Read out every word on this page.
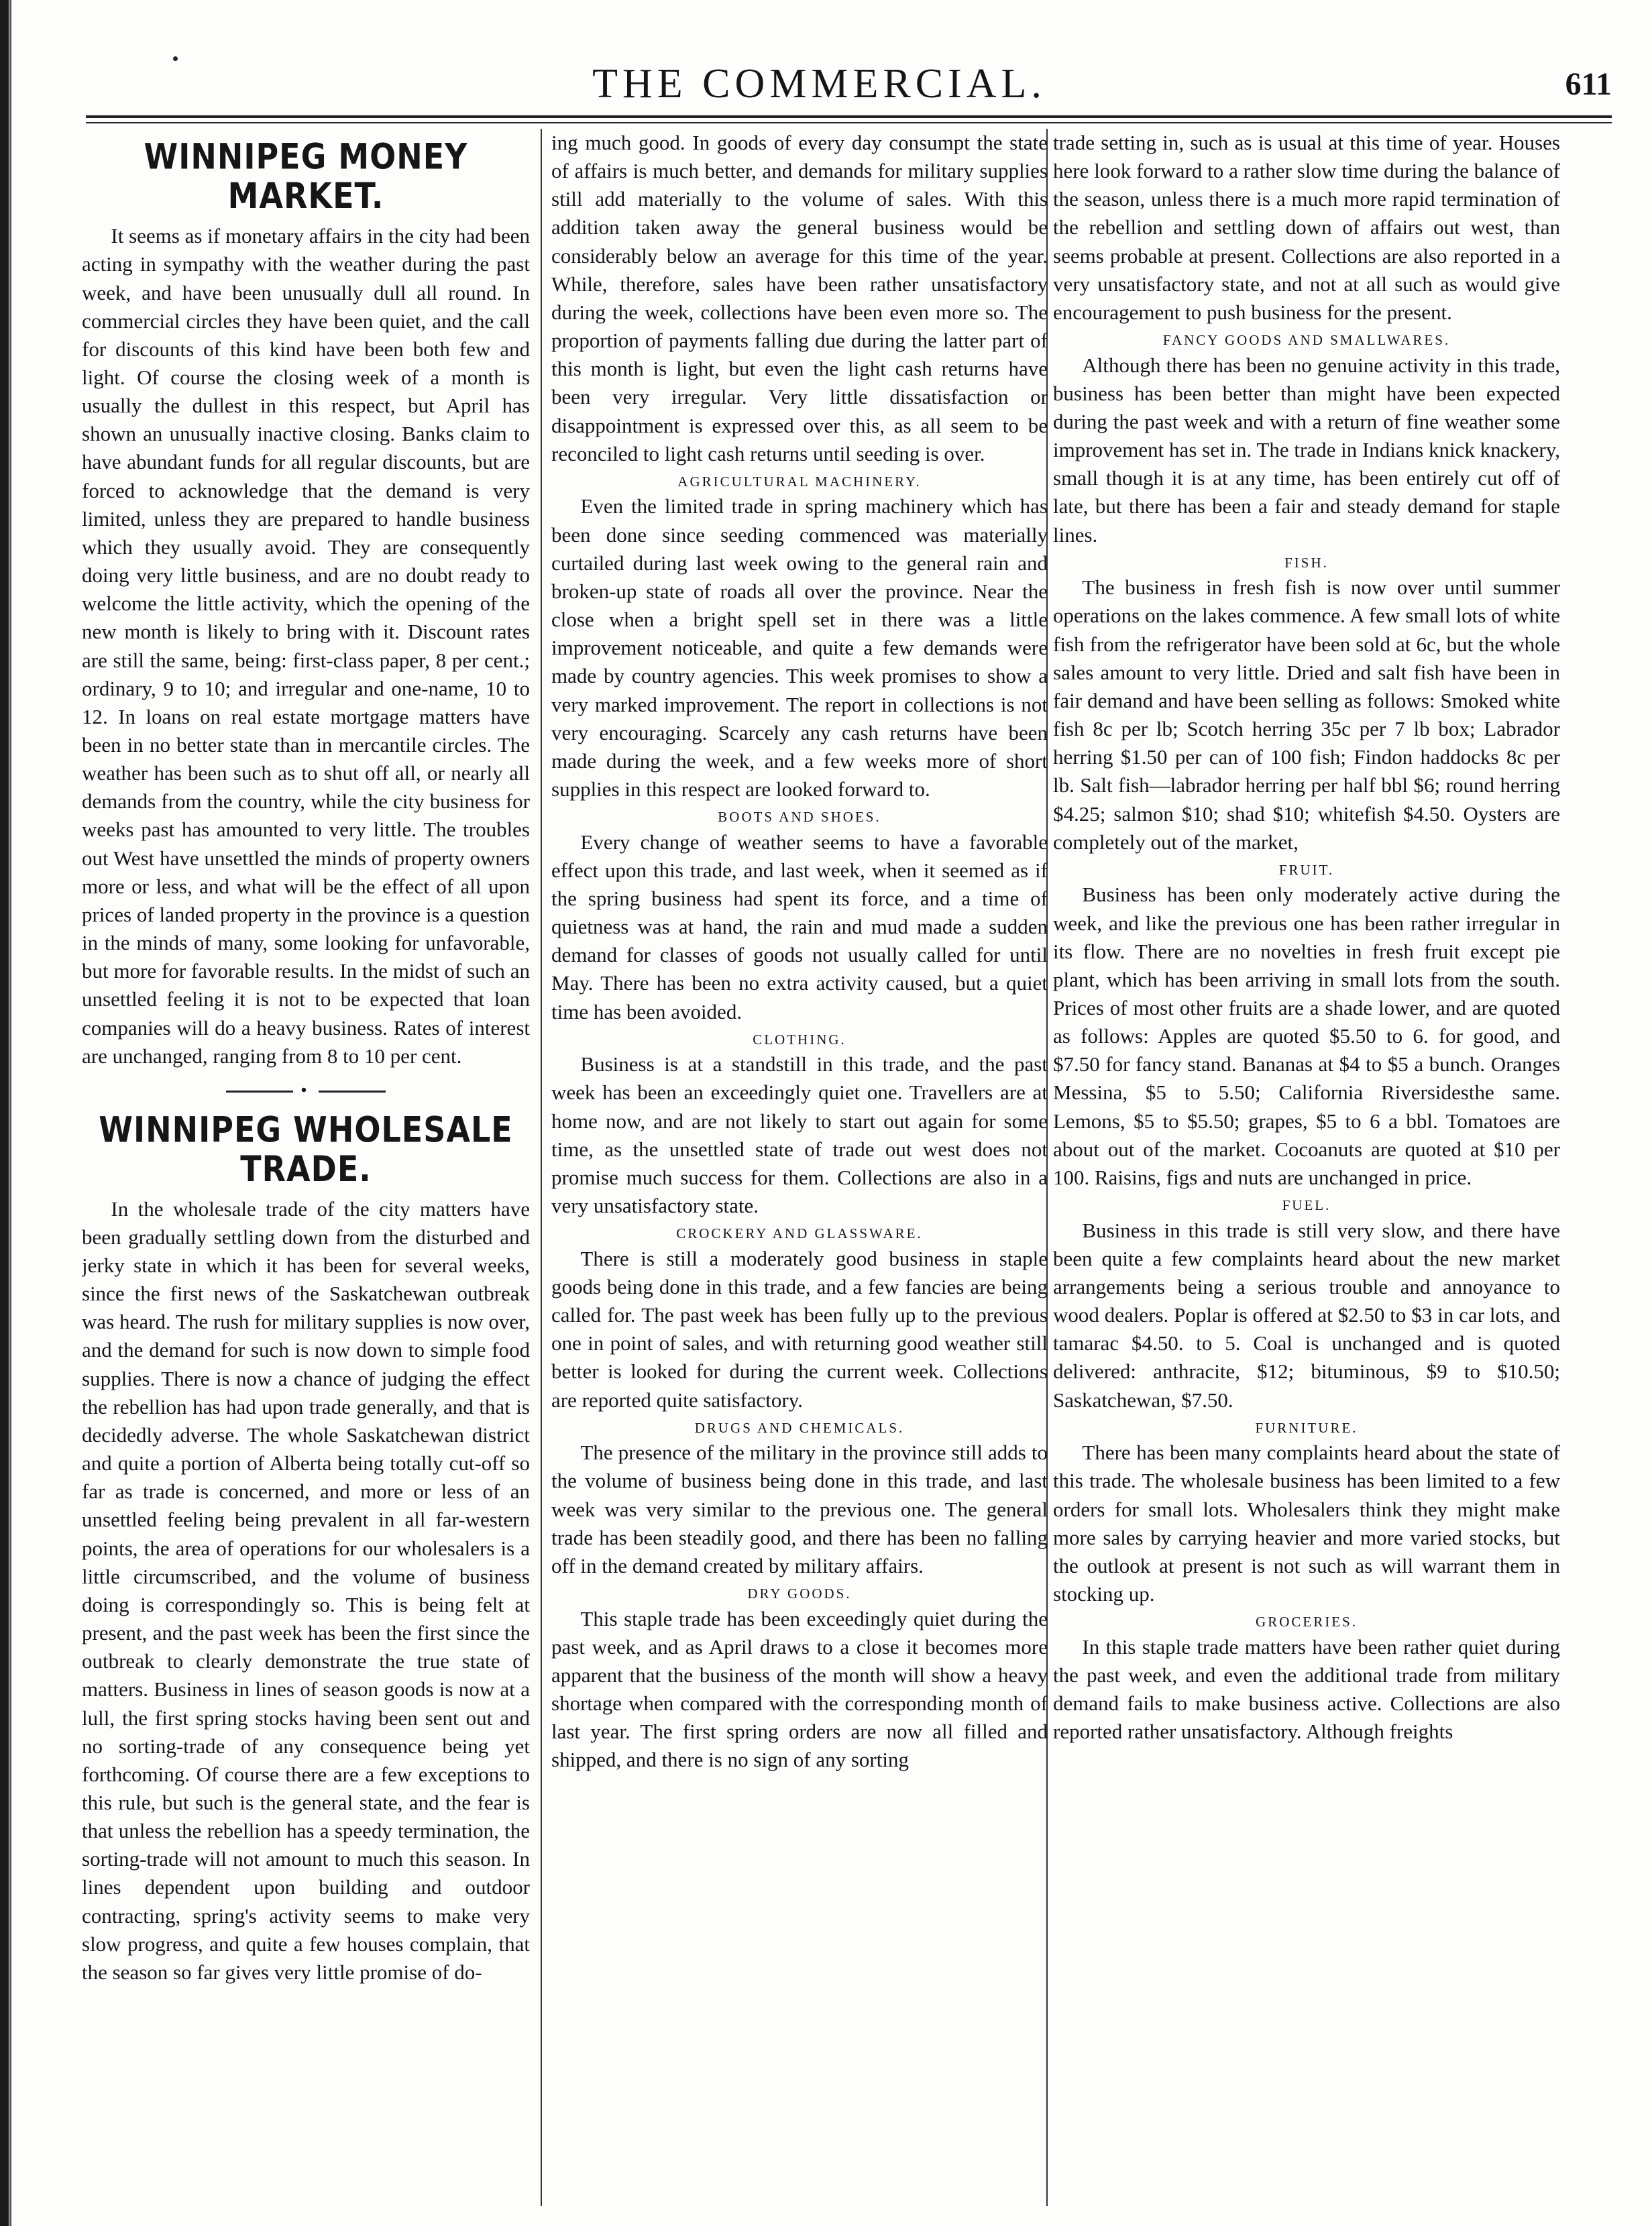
THE COMMERCIAL.	611
WINNIPEG MONEY MARKET.

It seems as if monetary affairs in the city had been acting in sympathy with the weather during the past week, and have been unusually dull all round. In commercial circles they have been quiet, and the call for discounts of this kind have been both few and light. Of course the closing week of a month is usually the dullest in this respect, but April has shown an unusually inactive closing. Banks claim to have abundant funds for all regular discounts, but are forced to acknowledge that the demand is very limited, unless they are prepared to handle business which they usually avoid. They are consequently doing very little business, and are no doubt ready to welcome the little activity, which the opening of the new month is likely to bring with it. Discount rates are still the same, being: first-class paper, 8 per cent.; ordinary, 9 to 10; and irregular and one-name, 10 to 12. In loans on real estate mortgage matters have been in no better state than in mercantile circles. The weather has been such as to shut off all, or nearly all demands from the country, while the city business for weeks past has amounted to very little. The troubles out West have unsettled the minds of property owners more or less, and what will be the effect of all upon prices of landed property in the province is a question in the minds of many, some looking for unfavorable, but more for favorable results. In the midst of such an unsettled feeling it is not to be expected that loan companies will do a heavy business. Rates of interest are unchanged, ranging from 8 to 10 per cent.

•
WINNIPEG WHOLESALE TRADE.

In the wholesale trade of the city matters have been gradually settling down from the disturbed and jerky state in which it has been for several weeks, since the first news of the Saskatchewan outbreak was heard. The rush for military supplies is now over, and the demand for such is now down to simple food supplies. There is now a chance of judging the effect the rebellion has had upon trade generally, and that is decidedly adverse. The whole Saskatchewan district and quite a portion of Alberta being totally cut-off so far as trade is concerned, and more or less of an unsettled feeling being prevalent in all far-western points, the area of operations for our wholesalers is a little circumscribed, and the volume of business doing is correspondingly so. This is being felt at present, and the past week has been the first since the outbreak to clearly demonstrate the true state of matters. Business in lines of season goods is now at a lull, the first spring stocks having been sent out and no sorting-trade of any consequence being yet forthcoming. Of course there are a few exceptions to this rule, but such is the general state, and the fear is that unless the rebellion has a speedy termination, the sorting-trade will not amount to much this season. In lines dependent upon building and outdoor contracting, spring's activity seems to make very slow progress, and quite a few houses complain, that the season so far gives very little promise of do-

ing much good. In goods of every day consumpt the state of affairs is much better, and demands for military supplies still add materially to the volume of sales. With this addition taken away the general business would be considerably below an average for this time of the year. While, therefore, sales have been rather unsatisfactory during the week, collections have been even more so. The proportion of payments falling due during the latter part of this month is light, but even the light cash returns have been very irregular. Very little dissatisfaction or disappointment is expressed over this, as all seem to be reconciled to light cash returns until seeding is over.

AGRICULTURAL MACHINERY.

Even the limited trade in spring machinery which has been done since seeding commenced was materially curtailed during last week owing to the general rain and broken-up state of roads all over the province. Near the close when a bright spell set in there was a little improvement noticeable, and quite a few demands were made by country agencies. This week promises to show a very marked improvement. The report in collections is not very encouraging. Scarcely any cash returns have been made during the week, and a few weeks more of short supplies in this respect are looked forward to.

BOOTS AND SHOES.

Every change of weather seems to have a favorable effect upon this trade, and last week, when it seemed as if the spring business had spent its force, and a time of quietness was at hand, the rain and mud made a sudden demand for classes of goods not usually called for until May. There has been no extra activity caused, but a quiet time has been avoided.

CLOTHING.

Business is at a standstill in this trade, and the past week has been an exceedingly quiet one. Travellers are at home now, and are not likely to start out again for some time, as the unsettled state of trade out west does not promise much success for them. Collections are also in a very unsatisfactory state.

CROCKERY AND GLASSWARE.

There is still a moderately good business in staple goods being done in this trade, and a few fancies are being called for. The past week has been fully up to the previous one in point of sales, and with returning good weather still better is looked for during the current week. Collections are reported quite satisfactory.

DRUGS AND CHEMICALS.

The presence of the military in the province still adds to the volume of business being done in this trade, and last week was very similar to the previous one. The general trade has been steadily good, and there has been no falling off in the demand created by military affairs.

DRY GOODS.

This staple trade has been exceedingly quiet during the past week, and as April draws to a close it becomes more apparent that the business of the month will show a heavy shortage when compared with the corresponding month of last year. The first spring orders are now all filled and shipped, and there is no sign of any sorting

trade setting in, such as is usual at this time of year. Houses here look forward to a rather slow time during the balance of the season, unless there is a much more rapid termination of the rebellion and settling down of affairs out west, than seems probable at present. Collections are also reported in a very unsatisfactory state, and not at all such as would give encouragement to push business for the present.

FANCY GOODS AND SMALLWARES.

Although there has been no genuine activity in this trade, business has been better than might have been expected during the past week and with a return of fine weather some improvement has set in. The trade in Indians knick knackery, small though it is at any time, has been entirely cut off of late, but there has been a fair and steady demand for staple lines.

FISH.

The business in fresh fish is now over until summer operations on the lakes commence. A few small lots of white fish from the refrigerator have been sold at 6c, but the whole sales amount to very little. Dried and salt fish have been in fair demand and have been selling as follows: Smoked white fish 8c per lb; Scotch herring 35c per 7 lb box; Labrador herring $1.50 per can of 100 fish; Findon haddocks 8c per lb. Salt fish—labrador herring per half bbl $6; round herring $4.25; salmon $10; shad $10; whitefish $4.50. Oysters are completely out of the market,

FRUIT.

Business has been only moderately active during the week, and like the previous one has been rather irregular in its flow. There are no novelties in fresh fruit except pie plant, which has been arriving in small lots from the south. Prices of most other fruits are a shade lower, and are quoted as follows: Apples are quoted $5.50 to 6. for good, and $7.50 for fancy stand. Bananas at $4 to $5 a bunch. Oranges Messina, $5 to 5.50; California Riversidesthe same. Lemons, $5 to $5.50; grapes, $5 to 6 a bbl. Tomatoes are about out of the market. Cocoanuts are quoted at $10 per 100. Raisins, figs and nuts are unchanged in price.

FUEL.

Business in this trade is still very slow, and there have been quite a few complaints heard about the new market arrangements being a serious trouble and annoyance to wood dealers. Poplar is offered at $2.50 to $3 in car lots, and tamarac $4.50. to 5. Coal is unchanged and is quoted delivered: anthracite, $12; bituminous, $9 to $10.50; Saskatchewan, $7.50.

FURNITURE.

There has been many complaints heard about the state of this trade. The wholesale business has been limited to a few orders for small lots. Wholesalers think they might make more sales by carrying heavier and more varied stocks, but the outlook at present is not such as will warrant them in stocking up.

GROCERIES.

In this staple trade matters have been rather quiet during the past week, and even the additional trade from military demand fails to make business active. Collections are also reported rather unsatisfactory. Although freights
